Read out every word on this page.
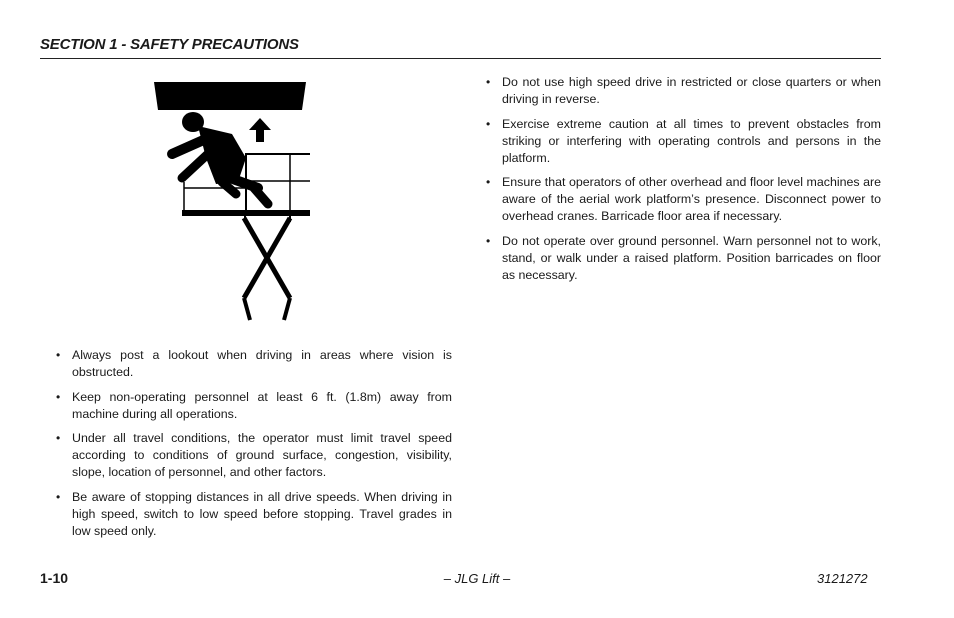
SECTION 1 - SAFETY PRECAUTIONS
• Always post a lookout when driving in areas where vision is obstructed.
• Keep non-operating personnel at least 6 ft. (1.8m) away from machine during all operations.
• Under all travel conditions, the operator must limit travel speed according to conditions of ground surface, congestion, visibility, slope, location of personnel, and other factors.
• Be aware of stopping distances in all drive speeds. When driving in high speed, switch to low speed before stopping. Travel grades in low speed only.
• Do not use high speed drive in restricted or close quarters or when driving in reverse.
• Exercise extreme caution at all times to prevent obstacles from striking or interfering with operating controls and persons in the platform.
• Ensure that operators of other overhead and floor level machines are aware of the aerial work platform’s presence. Disconnect power to overhead cranes. Barricade floor area if necessary.
• Do not operate over ground personnel. Warn personnel not to work, stand, or walk under a raised platform. Position barricades on floor as necessary.
1-10	– JLG Lift –	3121272
